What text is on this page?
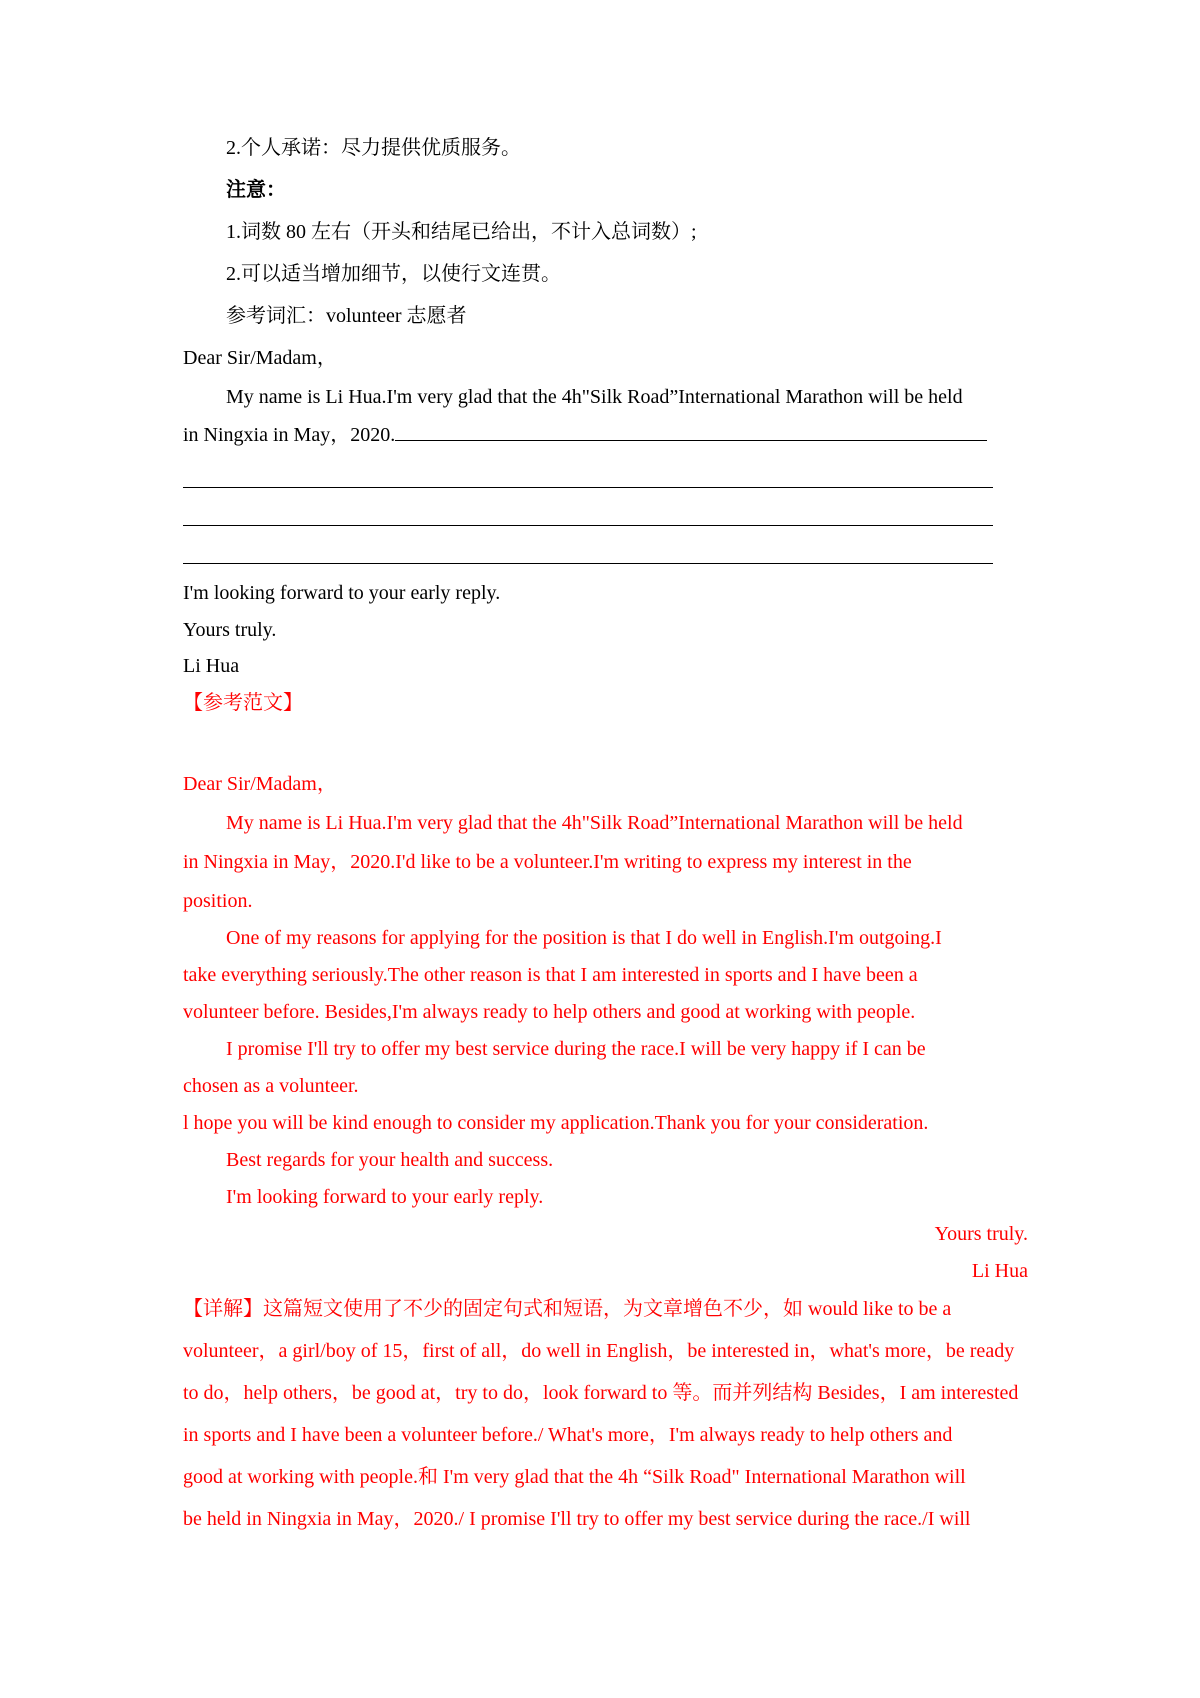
2.个人承诺：尽力提供优质服务。
注意：
1.词数 80 左右（开头和结尾已给出，不计入总词数）;
2.可以适当增加细节，以使行文连贯。
参考词汇：volunteer 志愿者
Dear Sir/Madam，
My name is Li Hua.I'm very glad that the 4h"Silk Road”International Marathon will be held
in Ningxia in May，2020.
I'm looking forward to your early reply.
Yours truly.
Li Hua
【参考范文】
Dear Sir/Madam，
My name is Li Hua.I'm very glad that the 4h"Silk Road”International Marathon will be held
in Ningxia in May，2020.I'd like to be a volunteer.I'm writing to express my interest in the
position.
One of my reasons for applying for the position is that I do well in English.I'm outgoing.I
take everything seriously.The other reason is that I am interested in sports and I have been a
volunteer before. Besides,I'm always ready to help others and good at working with people.
I promise I'll try to offer my best service during the race.I will be very happy if I can be
chosen as a volunteer.
l hope you will be kind enough to consider my application.Thank you for your consideration.
Best regards for your health and success.
I'm looking forward to your early reply.
Yours truly.
Li Hua
【详解】这篇短文使用了不少的固定句式和短语，为文章增色不少，如 would like to be a
volunteer，a girl/boy of 15，first of all，do well in English，be interested in，what's more，be ready
to do，help others，be good at，try to do，look forward to 等。而并列结构 Besides，I am interested
in sports and I have been a volunteer before./ What's more，I'm always ready to help others and
good at working with people.和 I'm very glad that the 4h “Silk Road" International Marathon will
be held in Ningxia in May，2020./ I promise I'll try to offer my best service during the race./I will
